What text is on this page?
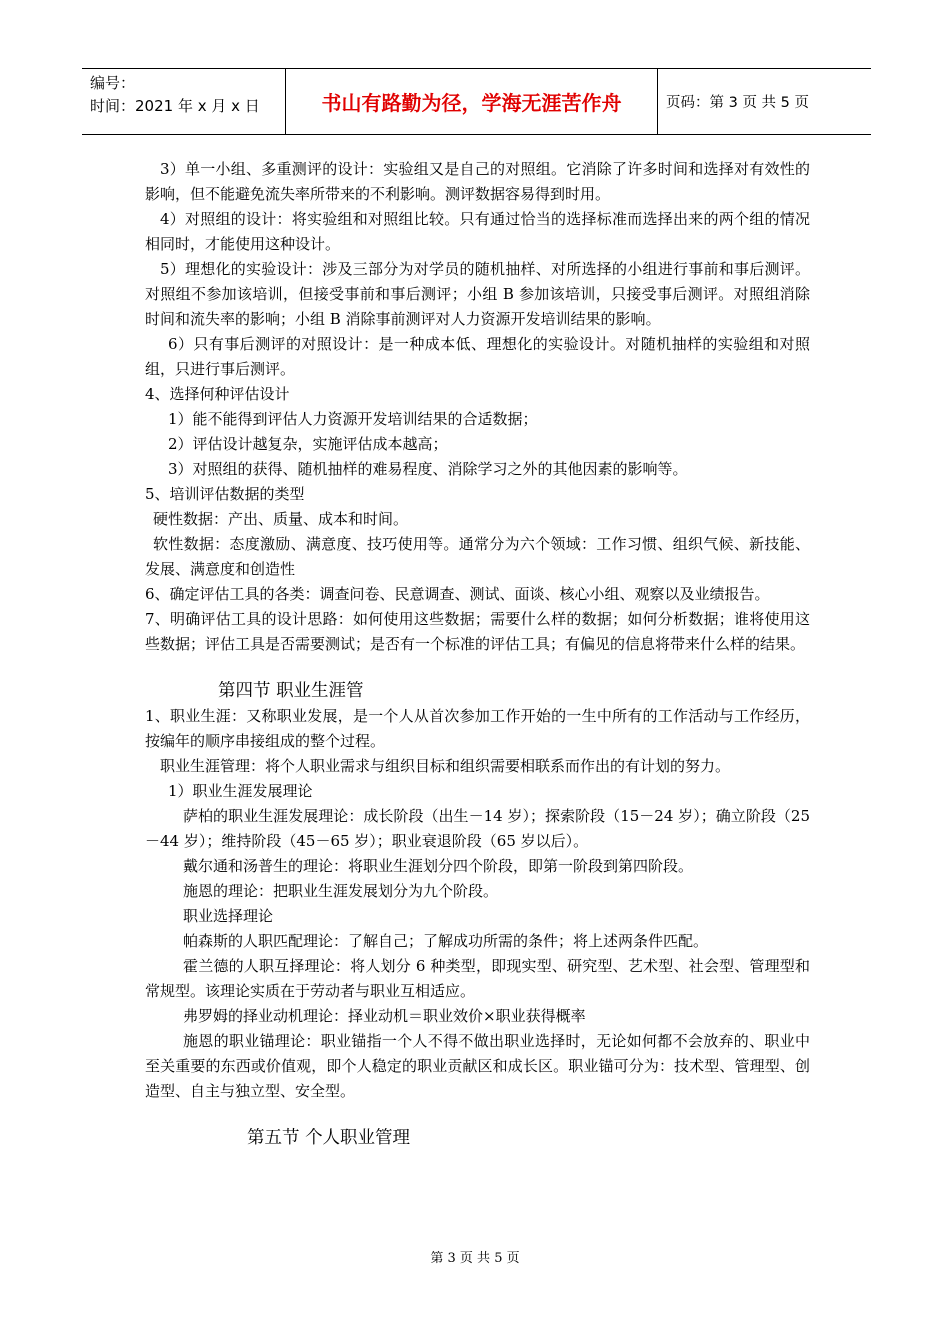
编号：
时间：2021 年 x 月 x 日	书山有路勤为径，学海无涯苦作舟	页码：第 3 页 共 5 页

3）单一小组、多重测评的设计：实验组又是自己的对照组。它消除了许多时间和选择对有效性的影响，但不能避免流失率所带来的不利影响。测评数据容易得到时用。

4）对照组的设计：将实验组和对照组比较。只有通过恰当的选择标准而选择出来的两个组的情况相同时，才能使用这种设计。

5）理想化的实验设计：涉及三部分为对学员的随机抽样、对所选择的小组进行事前和事后测评。对照组不参加该培训，但接受事前和事后测评；小组 B 参加该培训，只接受事后测评。对照组消除时间和流失率的影响；小组 B 消除事前测评对人力资源开发培训结果的影响。

6）只有事后测评的对照设计：是一种成本低、理想化的实验设计。对随机抽样的实验组和对照组，只进行事后测评。

4、选择何种评估设计

1）能不能得到评估人力资源开发培训结果的合适数据；

2）评估设计越复杂，实施评估成本越高；

3）对照组的获得、随机抽样的难易程度、消除学习之外的其他因素的影响等。

5、培训评估数据的类型

硬性数据：产出、质量、成本和时间。

软性数据：态度激励、满意度、技巧使用等。通常分为六个领域：工作习惯、组织气候、新技能、发展、满意度和创造性

6、确定评估工具的各类：调查问卷、民意调查、测试、面谈、核心小组、观察以及业绩报告。

7、明确评估工具的设计思路：如何使用这些数据；需要什么样的数据；如何分析数据；谁将使用这些数据；评估工具是否需要测试；是否有一个标准的评估工具；有偏见的信息将带来什么样的结果。

第四节 职业生涯管

1、职业生涯：又称职业发展，是一个人从首次参加工作开始的一生中所有的工作活动与工作经历，按编年的顺序串接组成的整个过程。

职业生涯管理：将个人职业需求与组织目标和组织需要相联系而作出的有计划的努力。

1）职业生涯发展理论

萨柏的职业生涯发展理论：成长阶段（出生－14 岁）；探索阶段（15－24 岁）；确立阶段（25－44 岁）；维持阶段（45－65 岁）；职业衰退阶段（65 岁以后）。

戴尔通和汤普生的理论：将职业生涯划分四个阶段，即第一阶段到第四阶段。

施恩的理论：把职业生涯发展划分为九个阶段。

职业选择理论

帕森斯的人职匹配理论：了解自己；了解成功所需的条件；将上述两条件匹配。

霍兰德的人职互择理论：将人划分 6 种类型，即现实型、研究型、艺术型、社会型、管理型和常规型。该理论实质在于劳动者与职业互相适应。

弗罗姆的择业动机理论：择业动机＝职业效价×职业获得概率

施恩的职业锚理论：职业锚指一个人不得不做出职业选择时，无论如何都不会放弃的、职业中至关重要的东西或价值观，即个人稳定的职业贡献区和成长区。职业锚可分为：技术型、管理型、创造型、自主与独立型、安全型。

第五节 个人职业管理

第 3 页 共 5 页
